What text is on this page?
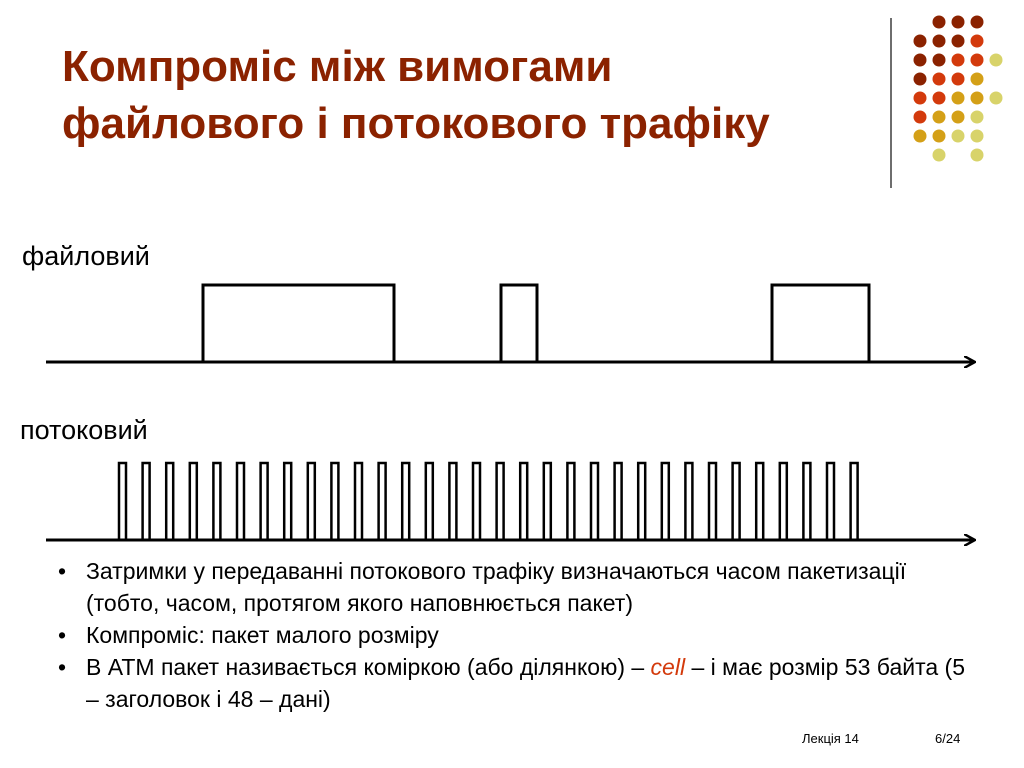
Компроміс між вимогами
файлового і потокового трафіку
файловий
потоковий
• Затримки у передаванні потокового трафіку визначаються часом пакетизації (тобто, часом, протягом якого наповнюється пакет)
• Компроміс: пакет малого розміру
• В ATM пакет називається коміркою (або ділянкою) – cell – і має розмір 53 байта (5 – заголовок і 48 – дані)
Лекція 14	6/24
